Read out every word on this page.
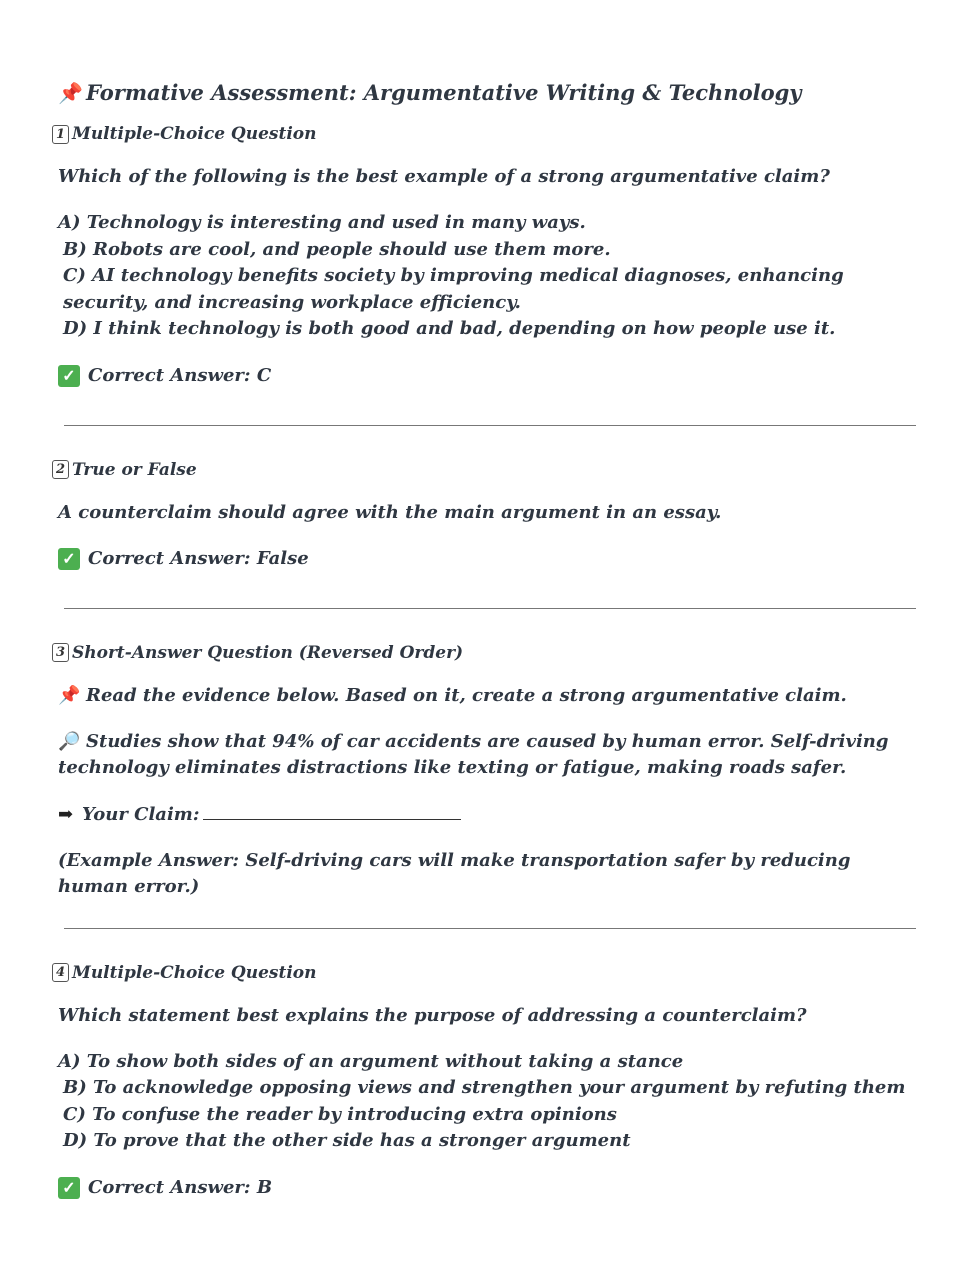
📌 Formative Assessment: Argumentative Writing & Technology
1 Multiple-Choice Question
Which of the following is the best example of a strong argumentative claim?
A) Technology is interesting and used in many ways.
B) Robots are cool, and people should use them more.
C) AI technology benefits society by improving medical diagnoses, enhancing security, and increasing workplace efficiency.
D) I think technology is both good and bad, depending on how people use it.
✓ Correct Answer: C
2 True or False
A counterclaim should agree with the main argument in an essay.
✓ Correct Answer: False
3 Short-Answer Question (Reversed Order)
📌 Read the evidence below. Based on it, create a strong argumentative claim.
🔎 Studies show that 94% of car accidents are caused by human error. Self-driving technology eliminates distractions like texting or fatigue, making roads safer.
➡ Your Claim:
(Example Answer: Self-driving cars will make transportation safer by reducing human error.)
4 Multiple-Choice Question
Which statement best explains the purpose of addressing a counterclaim?
A) To show both sides of an argument without taking a stance
B) To acknowledge opposing views and strengthen your argument by refuting them
C) To confuse the reader by introducing extra opinions
D) To prove that the other side has a stronger argument
✓ Correct Answer: B
